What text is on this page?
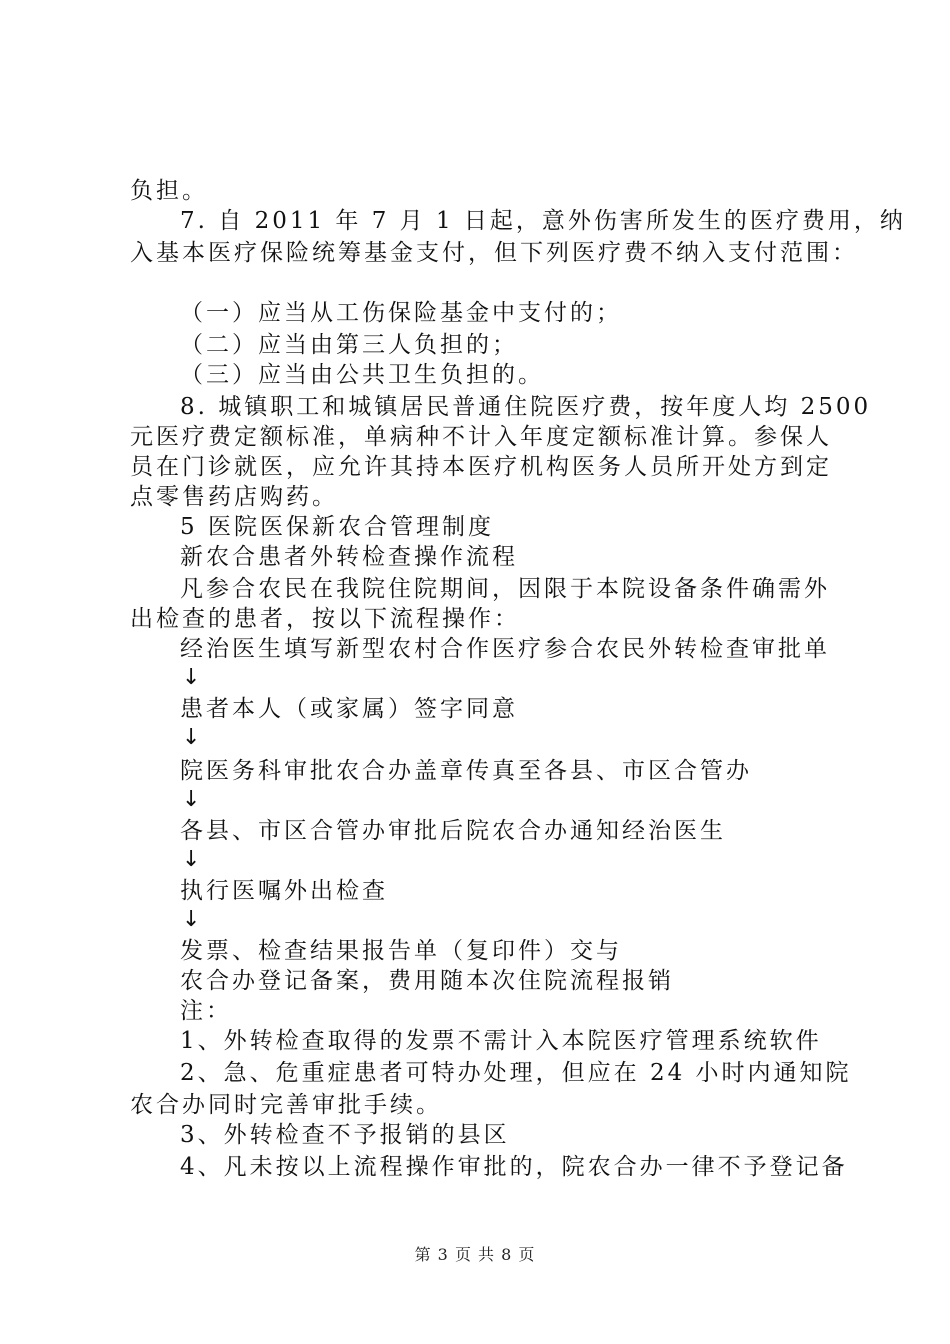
负担。
7. 自 2011 年 7 月 1 日起，意外伤害所发生的医疗费用，纳
入基本医疗保险统筹基金支付，但下列医疗费不纳入支付范围：
（一）应当从工伤保险基金中支付的；
（二）应当由第三人负担的；
（三）应当由公共卫生负担的。
8. 城镇职工和城镇居民普通住院医疗费，按年度人均 2500
元医疗费定额标准，单病种不计入年度定额标准计算。参保人
员在门诊就医，应允许其持本医疗机构医务人员所开处方到定
点零售药店购药。
5 医院医保新农合管理制度
新农合患者外转检查操作流程
凡参合农民在我院住院期间，因限于本院设备条件确需外
出检查的患者，按以下流程操作：
经治医生填写新型农村合作医疗参合农民外转检查审批单
↓
患者本人（或家属）签字同意
↓
院医务科审批农合办盖章传真至各县、市区合管办
↓
各县、市区合管办审批后院农合办通知经治医生
↓
执行医嘱外出检查
↓
发票、检查结果报告单（复印件）交与
农合办登记备案，费用随本次住院流程报销
注：
1、外转检查取得的发票不需计入本院医疗管理系统软件
2、急、危重症患者可特办处理，但应在 24 小时内通知院
农合办同时完善审批手续。
3、外转检查不予报销的县区
4、凡未按以上流程操作审批的，院农合办一律不予登记备
第 3 页 共 8 页
